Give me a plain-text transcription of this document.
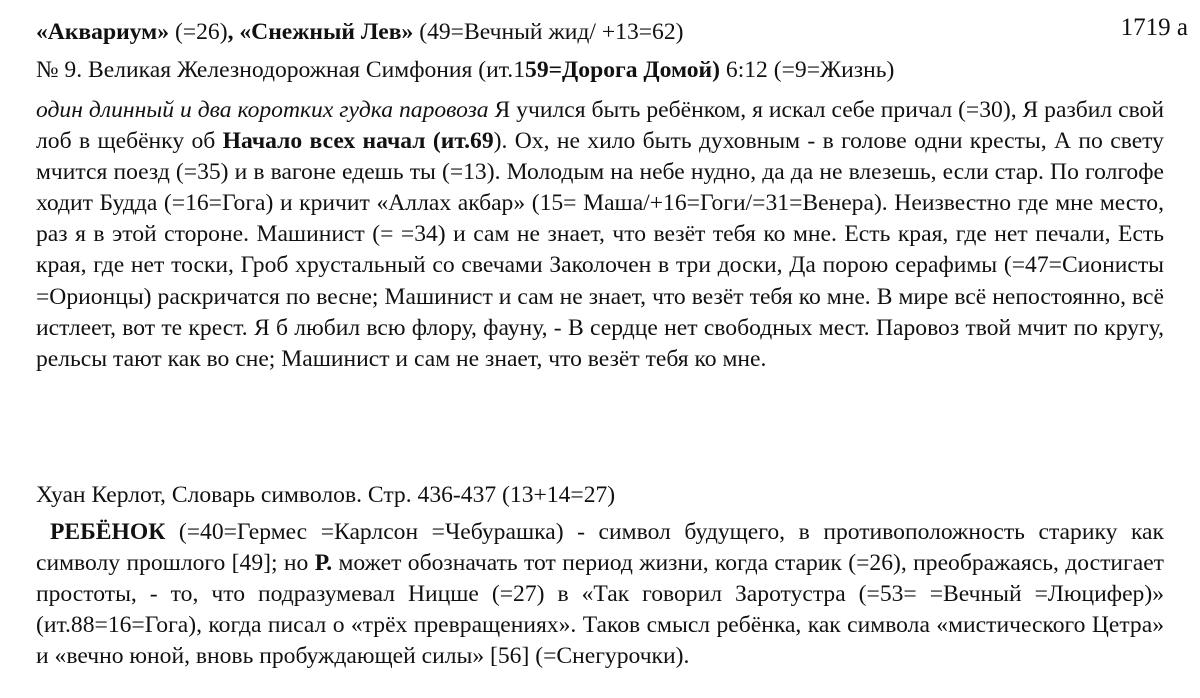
1719 a
«Аквариум» (=26), «Снежный Лев» (49=Вечный жид/ +13=62)
№ 9. Великая Железнодорожная Симфония (ит.159=Дорога Домой) 6:12 (=9=Жизнь)
один длинный и два коротких гудка паровоза Я учился быть ребёнком, я искал себе причал (=30), Я разбил свой лоб в щебёнку об Начало всех начал (ит.69). Ох, не хило быть духовным - в голове одни кресты, А по свету мчится поезд (=35) и в вагоне едешь ты (=13). Молодым на небе нудно, да да не влезешь, если стар. По голгофе ходит Будда (=16=Гога) и кричит «Аллах акбар» (15= Маша/+16=Гоги/=31=Венера). Неизвестно где мне место, раз я в этой стороне. Машинист (= =34) и сам не знает, что везёт тебя ко мне. Есть края, где нет печали, Есть края, где нет тоски, Гроб хрустальный со свечами Заколочен в три доски, Да порою серафимы (=47=Сионисты =Орионцы) раскричатся по весне; Машинист и сам не знает, что везёт тебя ко мне. В мире всё непостоянно, всё истлеет, вот те крест. Я б любил всю флору, фауну, - В сердце нет свободных мест. Паровоз твой мчит по кругу, рельсы тают как во сне; Машинист и сам не знает, что везёт тебя ко мне.
Хуан Керлот, Словарь символов. Стр. 436-437 (13+14=27)
РЕБЁНОК (=40=Гермес =Карлсон =Чебурашка) - символ будущего, в противоположность старику как символу прошлого [49]; но Р. может обозначать тот период жизни, когда старик (=26), преображаясь, достигает простоты, - то, что подразумевал Ницше (=27) в «Так говорил Заротустра (=53= =Вечный =Люцифер)» (ит.88=16=Гога), когда писал о «трёх превращениях». Таков смысл ребёнка, как символа «мистического Цетра» и «вечно юной, вновь пробуждающей силы» [56] (=Снегурочки).
